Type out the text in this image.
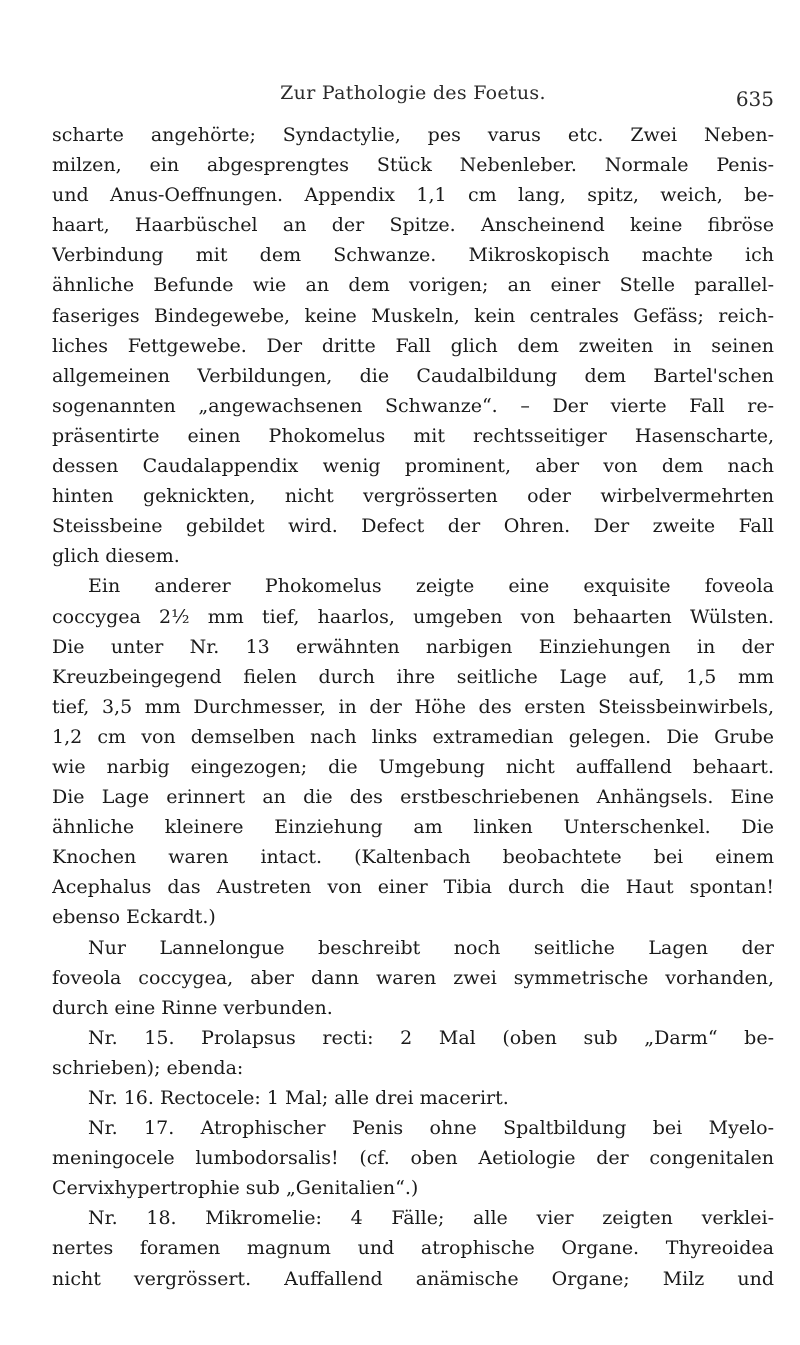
Zur Pathologie des Foetus.	635
scharte angehörte; Syndactylie, pes varus etc. Zwei Neben-
milzen, ein abgesprengtes Stück Nebenleber. Normale Penis-
und Anus-Oeffnungen. Appendix 1,1 cm lang, spitz, weich, be-
haart, Haarbüschel an der Spitze. Anscheinend keine fibröse
Verbindung mit dem Schwanze. Mikroskopisch machte ich
ähnliche Befunde wie an dem vorigen; an einer Stelle parallel-
faseriges Bindegewebe, keine Muskeln, kein centrales Gefäss; reich-
liches Fettgewebe. Der dritte Fall glich dem zweiten in seinen
allgemeinen Verbildungen, die Caudalbildung dem Bartel'schen
sogenannten „angewachsenen Schwanze“. – Der vierte Fall re-
präsentirte einen Phokomelus mit rechtsseitiger Hasenscharte,
dessen Caudalappendix wenig prominent, aber von dem nach
hinten geknickten, nicht vergrösserten oder wirbelvermehrten
Steissbeine gebildet wird. Defect der Ohren. Der zweite Fall
glich diesem.
Ein anderer Phokomelus zeigte eine exquisite foveola
coccygea 2½ mm tief, haarlos, umgeben von behaarten Wülsten.
Die unter Nr. 13 erwähnten narbigen Einziehungen in der
Kreuzbeingegend fielen durch ihre seitliche Lage auf, 1,5 mm
tief, 3,5 mm Durchmesser, in der Höhe des ersten Steissbeinwirbels,
1,2 cm von demselben nach links extramedian gelegen. Die Grube
wie narbig eingezogen; die Umgebung nicht auffallend behaart.
Die Lage erinnert an die des erstbeschriebenen Anhängsels. Eine
ähnliche kleinere Einziehung am linken Unterschenkel. Die
Knochen waren intact. (Kaltenbach beobachtete bei einem
Acephalus das Austreten von einer Tibia durch die Haut spontan!
ebenso Eckardt.)
Nur Lannelongue beschreibt noch seitliche Lagen der
foveola coccygea, aber dann waren zwei symmetrische vorhanden,
durch eine Rinne verbunden.
Nr. 15. Prolapsus recti: 2 Mal (oben sub „Darm“ be-
schrieben); ebenda:
Nr. 16. Rectocele: 1 Mal; alle drei macerirt.
Nr. 17. Atrophischer Penis ohne Spaltbildung bei Myelo-
meningocele lumbodorsalis! (cf. oben Aetiologie der congenitalen
Cervixhypertrophie sub „Genitalien“.)
Nr. 18. Mikromelie: 4 Fälle; alle vier zeigten verklei-
nertes foramen magnum und atrophische Organe. Thyreoidea
nicht vergrössert. Auffallend anämische Organe; Milz und
